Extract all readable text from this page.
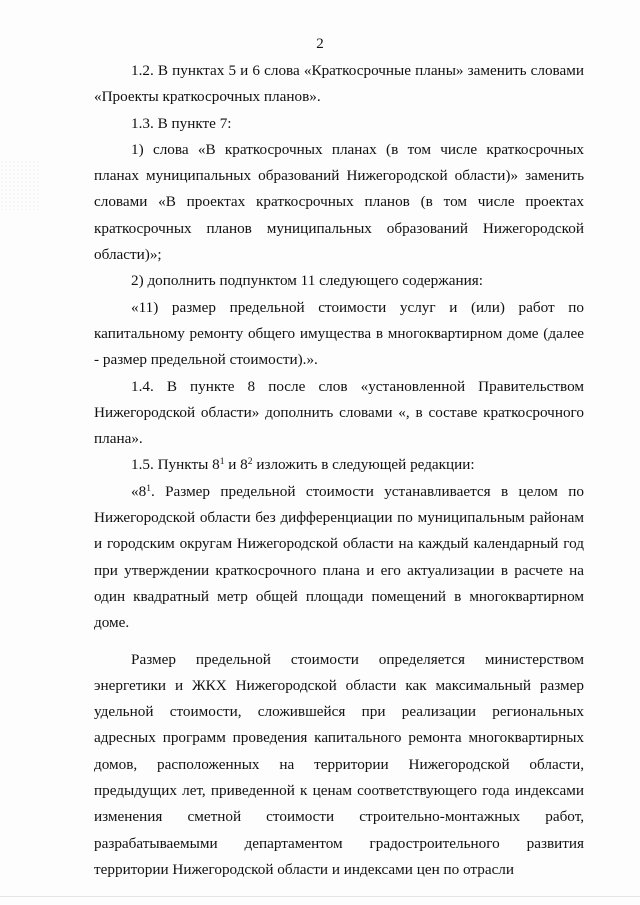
2

1.2. В пунктах 5 и 6 слова «Краткосрочные планы» заменить словами «Проекты краткосрочных планов».

1.3. В пункте 7:

1) слова «В краткосрочных планах (в том числе краткосрочных планах муниципальных образований Нижегородской области)» заменить словами «В проектах краткосрочных планов (в том числе проектах краткосрочных планов муниципальных образований Нижегородской области)»;

2) дополнить подпунктом 11 следующего содержания:

«11) размер предельной стоимости услуг и (или) работ по капитальному ремонту общего имущества в многоквартирном доме (далее - размер предельной стоимости).».

1.4. В пункте 8 после слов «установленной Правительством Нижегородской области» дополнить словами «, в составе краткосрочного плана».

1.5. Пункты $8^1$ и $8^2$ изложить в следующей редакции:

«$8^1$. Размер предельной стоимости устанавливается в целом по Нижегородской области без дифференциации по муниципальным районам и городским округам Нижегородской области на каждый календарный год при утверждении краткосрочного плана и его актуализации в расчете на один квадратный метр общей площади помещений в многоквартирном доме.

Размер предельной стоимости определяется министерством энергетики и ЖКХ Нижегородской области как максимальный размер удельной стоимости, сложившейся при реализации региональных адресных программ проведения капитального ремонта многоквартирных домов, расположенных на территории Нижегородской области, предыдущих лет, приведенной к ценам соответствующего года индексами изменения сметной стоимости строительно-монтажных работ, разрабатываемыми департаментом градостроительного развития территории Нижегородской области и индексами цен по отрасли
